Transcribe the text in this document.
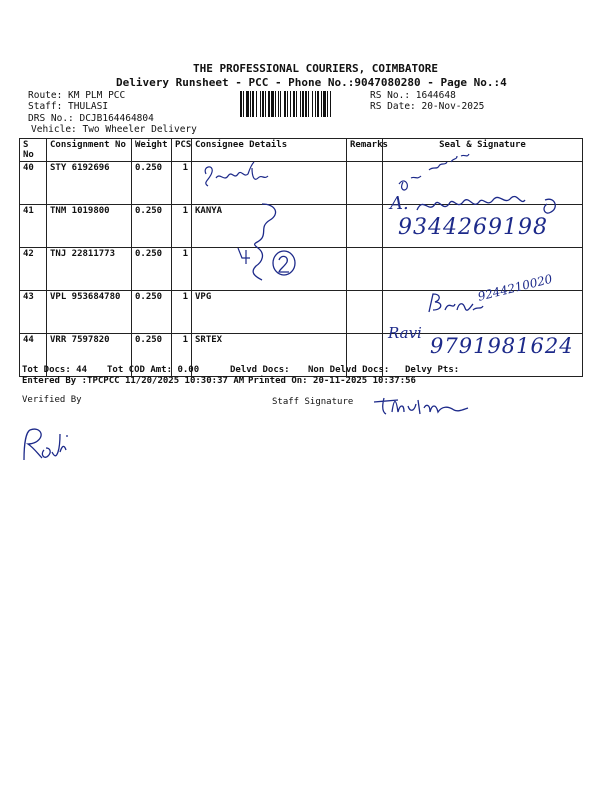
THE PROFESSIONAL COURIERS, COIMBATORE
Delivery Runsheet - PCC - Phone No.:9047080280 - Page No.:4
Route: KM PLM PCC
Staff: THULASI
DRS No.: DCJB164464804
Vehicle: Two Wheeler Delivery
RS No.: 1644648
RS Date: 20-Nov-2025
S No	Consignment No	Weight	PCS	Consignee Details	Remarks	Seal & Signature
40	STY 6192696	0.250	1			
41	TNM 1019800	0.250	1	KANYA		
42	TNJ 22811773	0.250	1			
43	VPL 953684780	0.250	1	VPG		
44	VRR 7597820	0.250	1	SRTEX		
A.
9344269198
9244210020
Ravi
9791981624
Tot Docs: 44 Tot COD Amt: 0.00	Delvd Docs: Non Delvd Docs: Delvy Pts:
Entered By :TPCPCC 11/20/2025 10:30:37 AM Printed On: 20-11-2025 10:37:56
Verified By	Staff Signature
